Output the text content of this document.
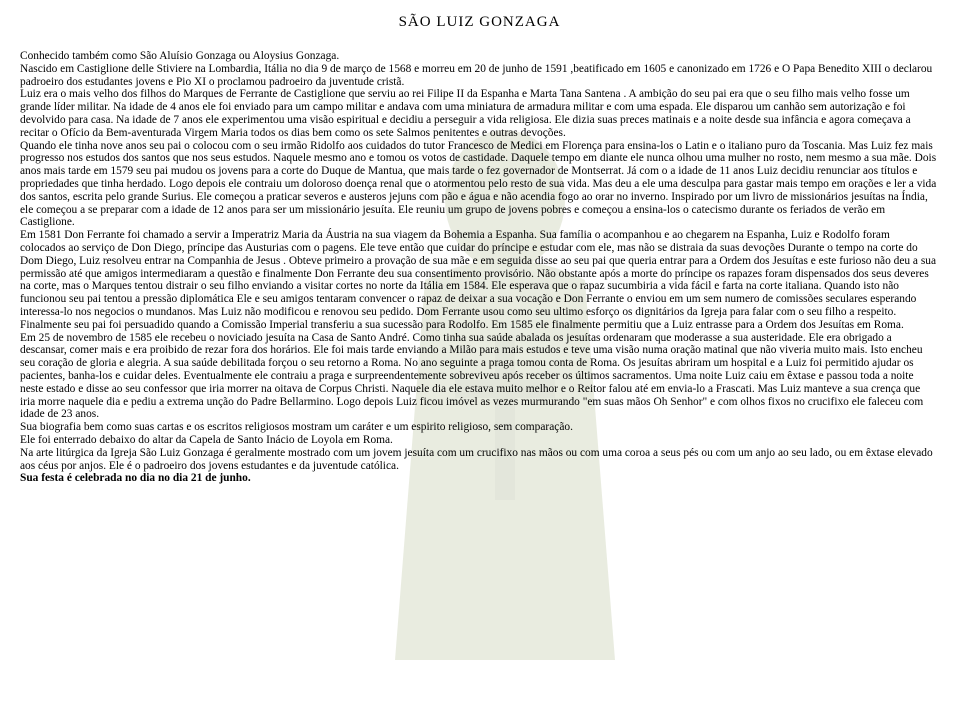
SÃO LUIZ GONZAGA

Conhecido também como São Aluísio Gonzaga ou Aloysius Gonzaga.

Nascido em Castiglione delle Stiviere na Lombardia, Itália no dia 9 de março de 1568 e morreu em 20 de junho de 1591 ,beatificado em 1605 e canonizado em 1726 e O Papa Benedito XIII o declarou padroeiro dos estudantes jovens e Pio XI o proclamou padroeiro da juventude cristã.

Luiz era o mais velho dos filhos do Marques de Ferrante de Castiglione que serviu ao rei Filipe II da Espanha e Marta Tana Santena . A ambição do seu pai era que o seu filho mais velho fosse um grande líder militar. Na idade de 4 anos ele foi enviado para um campo militar e andava com uma miniatura de armadura militar e com uma espada. Ele disparou um canhão sem autorização e foi devolvido para casa. Na idade de 7 anos ele experimentou uma visão espiritual e decidiu a perseguir a vida religiosa. Ele dizia suas preces matinais e a noite desde sua infância e agora começava a recitar o Ofício da Bem-aventurada Virgem Maria todos os dias bem como os sete Salmos penitentes e outras devoções.

Quando ele tinha nove anos seu pai o colocou com o seu irmão Ridolfo aos cuidados do tutor Francesco de Medici em Florença para ensina-los o Latin e o italiano puro da Toscania. Mas Luiz fez mais progresso nos estudos dos santos que nos seus estudos. Naquele mesmo ano e tomou os votos de castidade. Daquele tempo em diante ele nunca olhou uma mulher no rosto, nem mesmo a sua mãe. Dois anos mais tarde em 1579 seu pai mudou os jovens para a corte do Duque de Mantua, que mais tarde o fez governador de Montserrat. Já com o a idade de 11 anos Luiz decidiu renunciar aos títulos e propriedades que tinha herdado. Logo depois ele contraiu um doloroso doença renal que o atormentou pelo resto de sua vida. Mas deu a ele uma desculpa para gastar mais tempo em orações e ler a vida dos santos, escrita pelo grande Surius. Ele começou a praticar severos e austeros jejuns com pão e água e não acendia fogo ao orar no inverno. Inspirado por um livro de missionários jesuítas na Índia, ele começou a se preparar com a idade de 12 anos para ser um missionário jesuíta. Ele reuniu um grupo de jovens pobres e começou a ensina-los o catecismo durante os feriados de verão em Castiglione.

Em 1581 Don Ferrante foi chamado a servir a Imperatriz Maria da Áustria na sua viagem da Bohemia a Espanha. Sua família o acompanhou e ao chegarem na Espanha, Luiz e Rodolfo foram colocados ao serviço de Don Diego, príncipe das Austurias com o pagens. Ele teve então que cuidar do príncipe e estudar com ele, mas não se distraia da suas devoções Durante o tempo na corte do Dom Diego, Luiz resolveu entrar na Companhia de Jesus . Obteve primeiro a provação de sua mãe e em seguida disse ao seu pai que queria entrar para a Ordem dos Jesuítas e este furioso não deu a sua permissão até que amigos intermediaram a questão e finalmente Don Ferrante deu sua consentimento provisório. Não obstante após a morte do príncipe os rapazes foram dispensados dos seus deveres na corte, mas o Marques tentou distrair o seu filho enviando a visitar cortes no norte da Itália em 1584. Ele esperava que o rapaz sucumbiria a vida fácil e farta na corte italiana. Quando isto não funcionou seu pai tentou a pressão diplomática Ele e seu amigos tentaram convencer o rapaz de deixar a sua vocação e Don Ferrante o enviou em um sem numero de comissões seculares esperando interessa-lo nos negocios o mundanos. Mas Luiz não modificou e renovou seu pedido. Dom Ferrante usou como seu ultimo esforço os dignitários da Igreja para falar com o seu filho a respeito. Finalmente seu pai foi persuadido quando a Comissão Imperial transferiu a sua sucessão para Rodolfo. Em 1585 ele finalmente permitiu que a Luiz entrasse para a Ordem dos Jesuítas em Roma.

Em 25 de novembro de 1585 ele recebeu o noviciado jesuíta na Casa de Santo André. Como tinha sua saúde abalada os jesuítas ordenaram que moderasse a sua austeridade. Ele era obrigado a descansar, comer mais e era proibido de rezar fora dos horários. Ele foi mais tarde enviando a Milão para mais estudos e teve uma visão numa oração matinal que não viveria muito mais. Isto encheu seu coração de gloria e alegria. A sua saúde debilitada forçou o seu retorno a Roma. No ano seguinte a praga tomou conta de Roma. Os jesuítas abriram um hospital e a Luiz foi permitido ajudar os pacientes, banha-los e cuidar deles. Eventualmente ele contraiu a praga e surpreendentemente sobreviveu após receber os últimos sacramentos. Uma noite Luiz caiu em êxtase e passou toda a noite neste estado e disse ao seu confessor que iria morrer na oitava de Corpus Christi. Naquele dia ele estava muito melhor e o Reitor falou até em envia-lo a Frascati. Mas Luiz manteve a sua crença que iria morre naquele dia e pediu a extrema unção do Padre Bellarmino. Logo depois Luiz ficou imóvel as vezes murmurando "em suas mãos Oh Senhor" e com olhos fixos no crucifixo ele faleceu com idade de 23 anos.

Sua biografia bem como suas cartas e os escritos religiosos mostram um caráter e um espirito religioso, sem comparação.

Ele foi enterrado debaixo do altar da Capela de Santo Inácio de Loyola em Roma.

Na arte litúrgica da Igreja São Luiz Gonzaga é geralmente mostrado com um jovem jesuíta com um crucifixo nas mãos ou com uma coroa a seus pés ou com um anjo ao seu lado, ou em êxtase elevado aos céus por anjos. Ele é o padroeiro dos jovens estudantes e da juventude católica.

Sua festa é celebrada no dia no dia 21 de junho.
